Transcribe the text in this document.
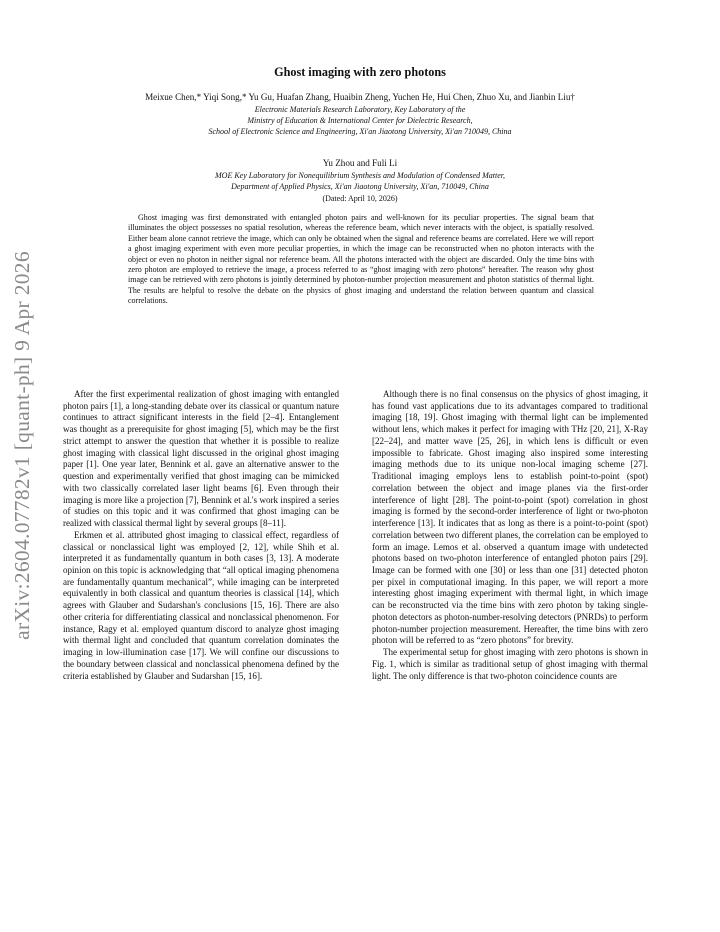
arXiv:2604.07782v1 [quant-ph] 9 Apr 2026
Ghost imaging with zero photons
Meixue Chen,* Yiqi Song,* Yu Gu, Huafan Zhang, Huaibin Zheng, Yuchen He, Hui Chen, Zhuo Xu, and Jianbin Liu†
Electronic Materials Research Laboratory, Key Laboratory of the
Ministry of Education & International Center for Dielectric Research,
School of Electronic Science and Engineering, Xi'an Jiaotong University, Xi'an 710049, China
Yu Zhou and Fuli Li
MOE Key Laboratory for Nonequilibrium Synthesis and Modulation of Condensed Matter,
Department of Applied Physics, Xi'an Jiaotong University, Xi'an, 710049, China
(Dated: April 10, 2026)
Ghost imaging was first demonstrated with entangled photon pairs and well-known for its peculiar properties. The signal beam that illuminates the object possesses no spatial resolution, whereas the reference beam, which never interacts with the object, is spatially resolved. Either beam alone cannot retrieve the image, which can only be obtained when the signal and reference beams are correlated. Here we will report a ghost imaging experiment with even more peculiar properties, in which the image can be reconstructed when no photon interacts with the object or even no photon in neither signal nor reference beam. All the photons interacted with the object are discarded. Only the time bins with zero photon are employed to retrieve the image, a process referred to as “ghost imaging with zero photons” hereafter. The reason why ghost image can be retrieved with zero photons is jointly determined by photon-number projection measurement and photon statistics of thermal light. The results are helpful to resolve the debate on the physics of ghost imaging and understand the relation between quantum and classical correlations.

After the first experimental realization of ghost imaging with entangled photon pairs [1], a long-standing debate over its classical or quantum nature continues to attract significant interests in the field [2–4]. Entanglement was thought as a prerequisite for ghost imaging [5], which may be the first strict attempt to answer the question that whether it is possible to realize ghost imaging with classical light discussed in the original ghost imaging paper [1]. One year later, Bennink et al. gave an alternative answer to the question and experimentally verified that ghost imaging can be mimicked with two classically correlated laser light beams [6]. Even through their imaging is more like a projection [7], Bennink et al.'s work inspired a series of studies on this topic and it was confirmed that ghost imaging can be realized with classical thermal light by several groups [8–11].

Erkmen et al. attributed ghost imaging to classical effect, regardless of classical or nonclassical light was employed [2, 12], while Shih et al. interpreted it as fundamentally quantum in both cases [3, 13]. A moderate opinion on this topic is acknowledging that “all optical imaging phenomena are fundamentally quantum mechanical”, while imaging can be interpreted equivalently in both classical and quantum theories is classical [14], which agrees with Glauber and Sudarshan's conclusions [15, 16]. There are also other criteria for differentiating classical and nonclassical phenomenon. For instance, Ragy et al. employed quantum discord to analyze ghost imaging with thermal light and concluded that quantum correlation dominates the imaging in low-illumination case [17]. We will confine our discussions to the boundary between classical and nonclassical phenomena defined by the criteria established by Glauber and Sudarshan [15, 16].

Although there is no final consensus on the physics of ghost imaging, it has found vast applications due to its advantages compared to traditional imaging [18, 19]. Ghost imaging with thermal light can be implemented without lens, which makes it perfect for imaging with THz [20, 21], X-Ray [22–24], and matter wave [25, 26], in which lens is difficult or even impossible to fabricate. Ghost imaging also inspired some interesting imaging methods due to its unique non-local imaging scheme [27]. Traditional imaging employs lens to establish point-to-point (spot) correlation between the object and image planes via the first-order interference of light [28]. The point-to-point (spot) correlation in ghost imaging is formed by the second-order interference of light or two-photon interference [13]. It indicates that as long as there is a point-to-point (spot) correlation between two different planes, the correlation can be employed to form an image. Lemos et al. observed a quantum image with undetected photons based on two-photon interference of entangled photon pairs [29]. Image can be formed with one [30] or less than one [31] detected photon per pixel in computational imaging. In this paper, we will report a more interesting ghost imaging experiment with thermal light, in which image can be reconstructed via the time bins with zero photon by taking single-photon detectors as photon-number-resolving detectors (PNRDs) to perform photon-number projection measurement. Hereafter, the time bins with zero photon will be referred to as “zero photons” for brevity.

The experimental setup for ghost imaging with zero photons is shown in Fig. 1, which is similar as traditional setup of ghost imaging with thermal light. The only difference is that two-photon coincidence counts are
